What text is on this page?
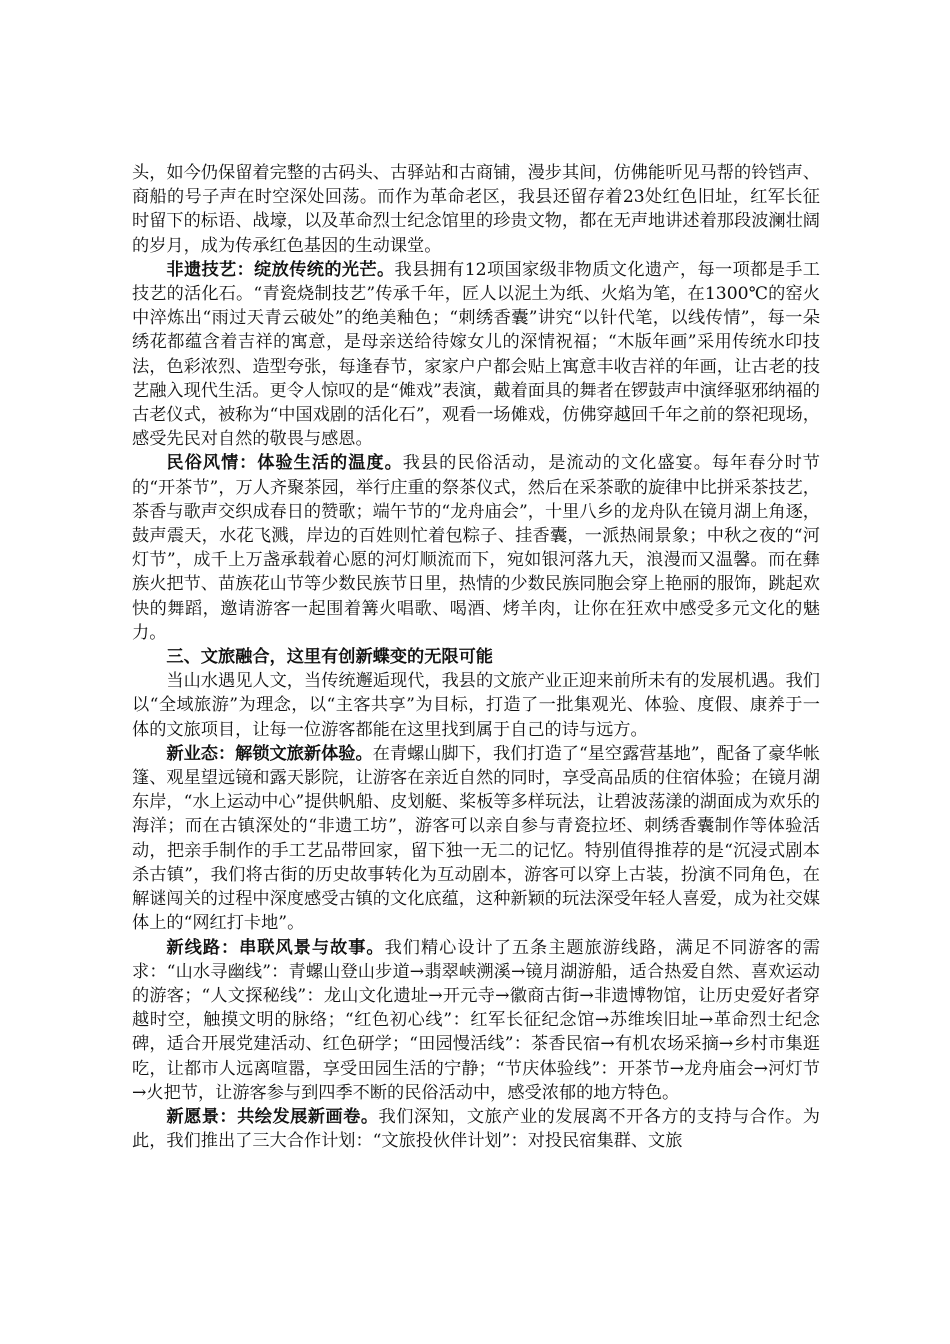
头，如今仍保留着完整的古码头、古驿站和古商铺，漫步其间，仿佛能听见马帮的铃铛声、商船的号子声在时空深处回荡。而作为革命老区，我县还留存着23处红色旧址，红军长征时留下的标语、战壕，以及革命烈士纪念馆里的珍贵文物，都在无声地讲述着那段波澜壮阔的岁月，成为传承红色基因的生动课堂。

非遗技艺：绽放传统的光芒。我县拥有12项国家级非物质文化遗产，每一项都是手工技艺的活化石。“青瓷烧制技艺”传承千年，匠人以泥土为纸、火焰为笔，在1300℃的窑火中淬炼出“雨过天青云破处”的绝美釉色；“刺绣香囊”讲究“以针代笔，以线传情”，每一朵绣花都蕴含着吉祥的寓意，是母亲送给待嫁女儿的深情祝福；“木版年画”采用传统水印技法，色彩浓烈、造型夸张，每逢春节，家家户户都会贴上寓意丰收吉祥的年画，让古老的技艺融入现代生活。更令人惊叹的是“傩戏”表演，戴着面具的舞者在锣鼓声中演绎驱邪纳福的古老仪式，被称为“中国戏剧的活化石”，观看一场傩戏，仿佛穿越回千年之前的祭祀现场，感受先民对自然的敬畏与感恩。

民俗风情：体验生活的温度。我县的民俗活动，是流动的文化盛宴。每年春分时节的“开茶节”，万人齐聚茶园，举行庄重的祭茶仪式，然后在采茶歌的旋律中比拼采茶技艺，茶香与歌声交织成春日的赞歌；端午节的“龙舟庙会”，十里八乡的龙舟队在镜月湖上角逐，鼓声震天，水花飞溅，岸边的百姓则忙着包粽子、挂香囊，一派热闹景象；中秋之夜的“河灯节”，成千上万盏承载着心愿的河灯顺流而下，宛如银河落九天，浪漫而又温馨。而在彝族火把节、苗族花山节等少数民族节日里，热情的少数民族同胞会穿上艳丽的服饰，跳起欢快的舞蹈，邀请游客一起围着篝火唱歌、喝酒、烤羊肉，让你在狂欢中感受多元文化的魅力。

三、文旅融合，这里有创新蝶变的无限可能

当山水遇见人文，当传统邂逅现代，我县的文旅产业正迎来前所未有的发展机遇。我们以“全域旅游”为理念，以“主客共享”为目标，打造了一批集观光、体验、度假、康养于一体的文旅项目，让每一位游客都能在这里找到属于自己的诗与远方。

新业态：解锁文旅新体验。在青螺山脚下，我们打造了“星空露营基地”，配备了豪华帐篷、观星望远镜和露天影院，让游客在亲近自然的同时，享受高品质的住宿体验；在镜月湖东岸，“水上运动中心”提供帆船、皮划艇、桨板等多样玩法，让碧波荡漾的湖面成为欢乐的海洋；而在古镇深处的“非遗工坊”，游客可以亲自参与青瓷拉坯、刺绣香囊制作等体验活动，把亲手制作的手工艺品带回家，留下独一无二的记忆。特别值得推荐的是“沉浸式剧本杀古镇”，我们将古街的历史故事转化为互动剧本，游客可以穿上古装，扮演不同角色，在解谜闯关的过程中深度感受古镇的文化底蕴，这种新颖的玩法深受年轻人喜爱，成为社交媒体上的“网红打卡地”。

新线路：串联风景与故事。我们精心设计了五条主题旅游线路，满足不同游客的需求：“山水寻幽线”：青螺山登山步道→翡翠峡溯溪→镜月湖游船，适合热爱自然、喜欢运动的游客；“人文探秘线”：龙山文化遗址→开元寺→徽商古街→非遗博物馆，让历史爱好者穿越时空，触摸文明的脉络；“红色初心线”：红军长征纪念馆→苏维埃旧址→革命烈士纪念碑，适合开展党建活动、红色研学；“田园慢活线”：茶香民宿→有机农场采摘→乡村市集逛吃，让都市人远离喧嚣，享受田园生活的宁静；“节庆体验线”：开茶节→龙舟庙会→河灯节→火把节，让游客参与到四季不断的民俗活动中，感受浓郁的地方特色。

新愿景：共绘发展新画卷。我们深知，文旅产业的发展离不开各方的支持与合作。为此，我们推出了三大合作计划：“文旅投伙伴计划”：对投民宿集群、文旅
